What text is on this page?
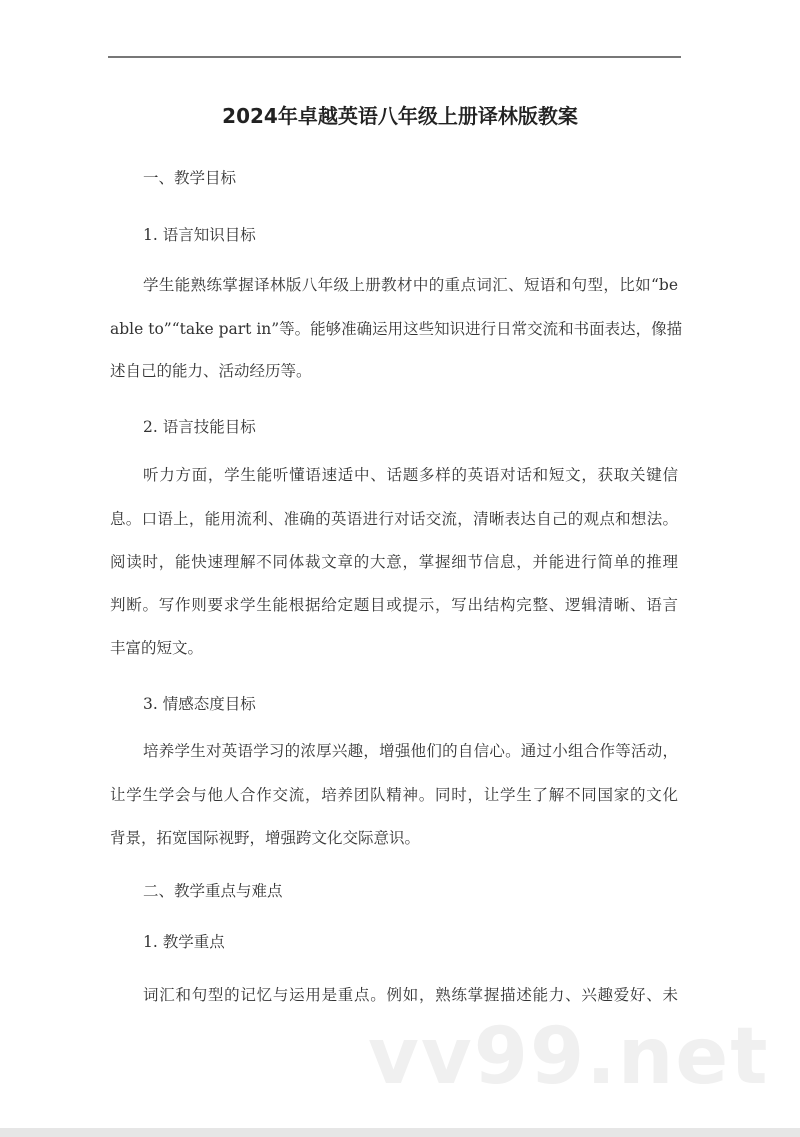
2024年卓越英语八年级上册译林版教案
一、教学目标
1. 语言知识目标
学生能熟练掌握译林版八年级上册教材中的重点词汇、短语和句型，比如“be
able to”“take part in”等。能够准确运用这些知识进行日常交流和书面表达，像描
述自己的能力、活动经历等。
2. 语言技能目标
听力方面，学生能听懂语速适中、话题多样的英语对话和短文，获取关键信
息。口语上，能用流利、准确的英语进行对话交流，清晰表达自己的观点和想法。
阅读时，能快速理解不同体裁文章的大意，掌握细节信息，并能进行简单的推理
判断。写作则要求学生能根据给定题目或提示，写出结构完整、逻辑清晰、语言
丰富的短文。
3. 情感态度目标
培养学生对英语学习的浓厚兴趣，增强他们的自信心。通过小组合作等活动，
让学生学会与他人合作交流，培养团队精神。同时，让学生了解不同国家的文化
背景，拓宽国际视野，增强跨文化交际意识。
二、教学重点与难点
1. 教学重点
词汇和句型的记忆与运用是重点。例如，熟练掌握描述能力、兴趣爱好、未
vv99.net
